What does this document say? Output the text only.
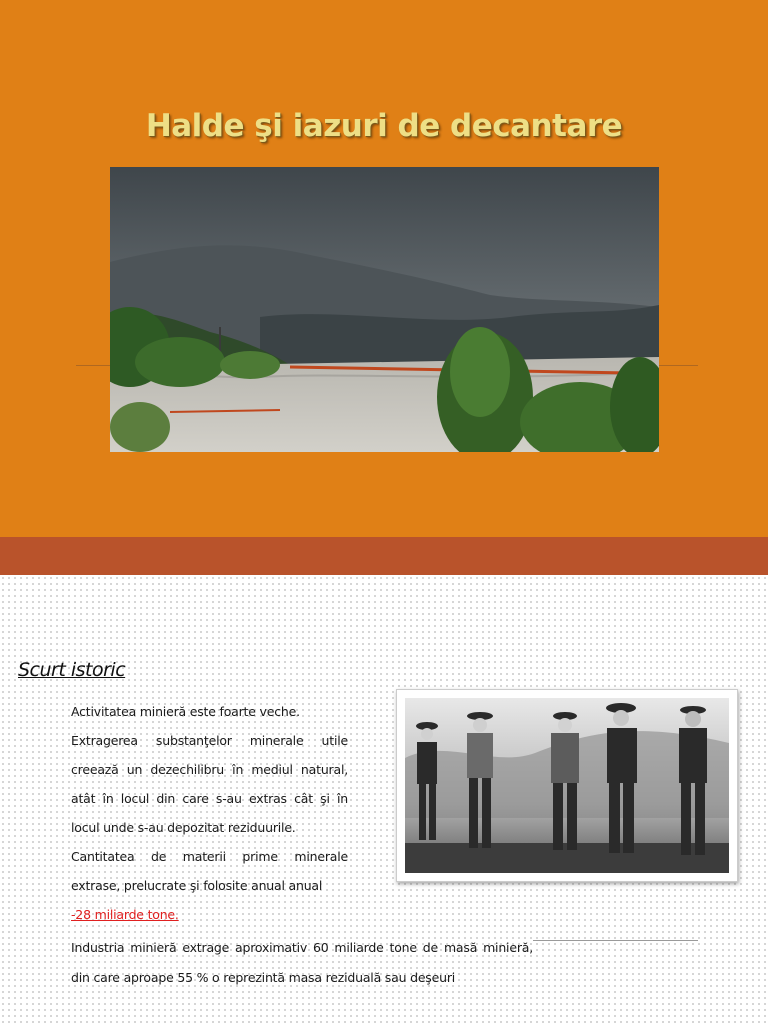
Halde şi iazuri de decantare
Scurt istoric

Activitatea minieră este foarte veche.

Extragerea substanţelor minerale utile creează un dezechilibru în mediul natural, atât în locul din care s-au extras cât şi în locul unde s-au depozitat reziduurile.

Cantitatea de materii prime minerale extrase, prelucrate şi folosite anual anual

-28 miliarde tone.

Industria minieră extrage aproximativ 60 miliarde tone de masă minieră, din care aproape 55 % o reprezintă masa reziduală sau deşeuri
